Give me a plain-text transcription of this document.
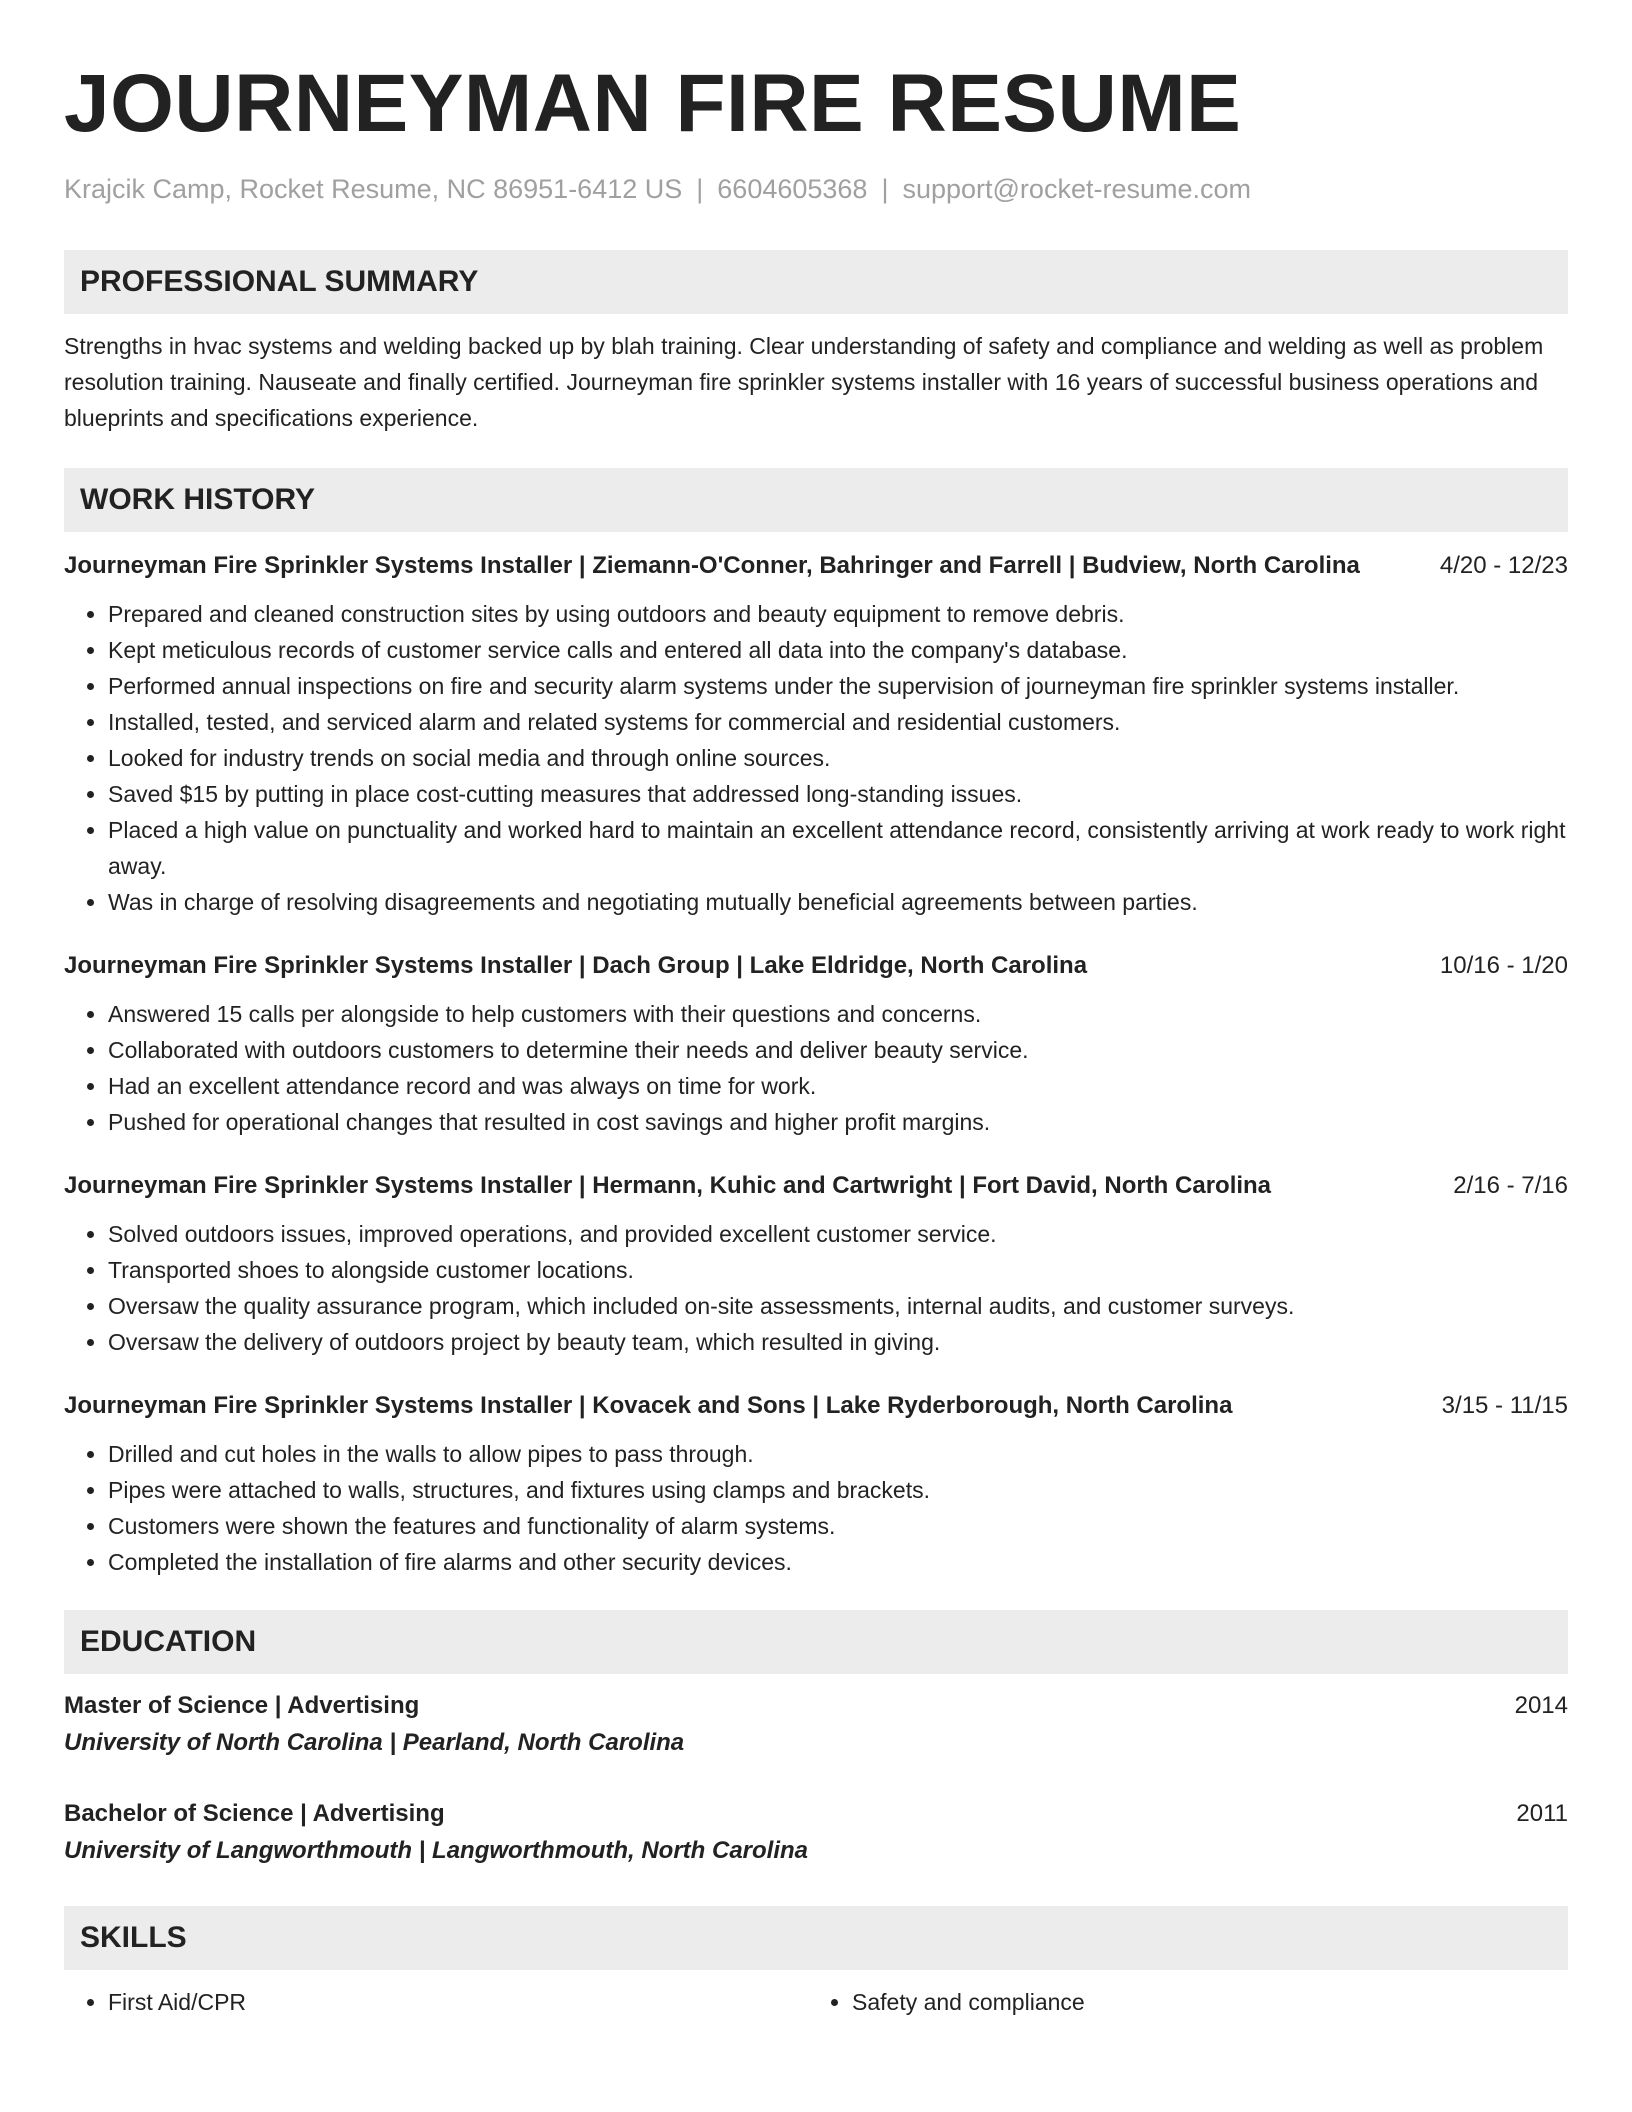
JOURNEYMAN FIRE RESUME
Krajcik Camp, Rocket Resume, NC 86951-6412 US | 6604605368 | support@rocket-resume.com
PROFESSIONAL SUMMARY
Strengths in hvac systems and welding backed up by blah training. Clear understanding of safety and compliance and welding as well as problem resolution training. Nauseate and finally certified. Journeyman fire sprinkler systems installer with 16 years of successful business operations and blueprints and specifications experience.
WORK HISTORY
Journeyman Fire Sprinkler Systems Installer | Ziemann-O'Conner, Bahringer and Farrell | Budview, North Carolina	4/20 - 12/23
• Prepared and cleaned construction sites by using outdoors and beauty equipment to remove debris.
• Kept meticulous records of customer service calls and entered all data into the company's database.
• Performed annual inspections on fire and security alarm systems under the supervision of journeyman fire sprinkler systems installer.
• Installed, tested, and serviced alarm and related systems for commercial and residential customers.
• Looked for industry trends on social media and through online sources.
• Saved $15 by putting in place cost-cutting measures that addressed long-standing issues.
• Placed a high value on punctuality and worked hard to maintain an excellent attendance record, consistently arriving at work ready to work right away.
• Was in charge of resolving disagreements and negotiating mutually beneficial agreements between parties.
Journeyman Fire Sprinkler Systems Installer | Dach Group | Lake Eldridge, North Carolina	10/16 - 1/20
• Answered 15 calls per alongside to help customers with their questions and concerns.
• Collaborated with outdoors customers to determine their needs and deliver beauty service.
• Had an excellent attendance record and was always on time for work.
• Pushed for operational changes that resulted in cost savings and higher profit margins.
Journeyman Fire Sprinkler Systems Installer | Hermann, Kuhic and Cartwright | Fort David, North Carolina	2/16 - 7/16
• Solved outdoors issues, improved operations, and provided excellent customer service.
• Transported shoes to alongside customer locations.
• Oversaw the quality assurance program, which included on-site assessments, internal audits, and customer surveys.
• Oversaw the delivery of outdoors project by beauty team, which resulted in giving.
Journeyman Fire Sprinkler Systems Installer | Kovacek and Sons | Lake Ryderborough, North Carolina	3/15 - 11/15
• Drilled and cut holes in the walls to allow pipes to pass through.
• Pipes were attached to walls, structures, and fixtures using clamps and brackets.
• Customers were shown the features and functionality of alarm systems.
• Completed the installation of fire alarms and other security devices.
EDUCATION
Master of Science | Advertising	2014
University of North Carolina | Pearland, North Carolina
Bachelor of Science | Advertising	2011
University of Langworthmouth | Langworthmouth, North Carolina
SKILLS
• First Aid/CPR
•	Safety and compliance
